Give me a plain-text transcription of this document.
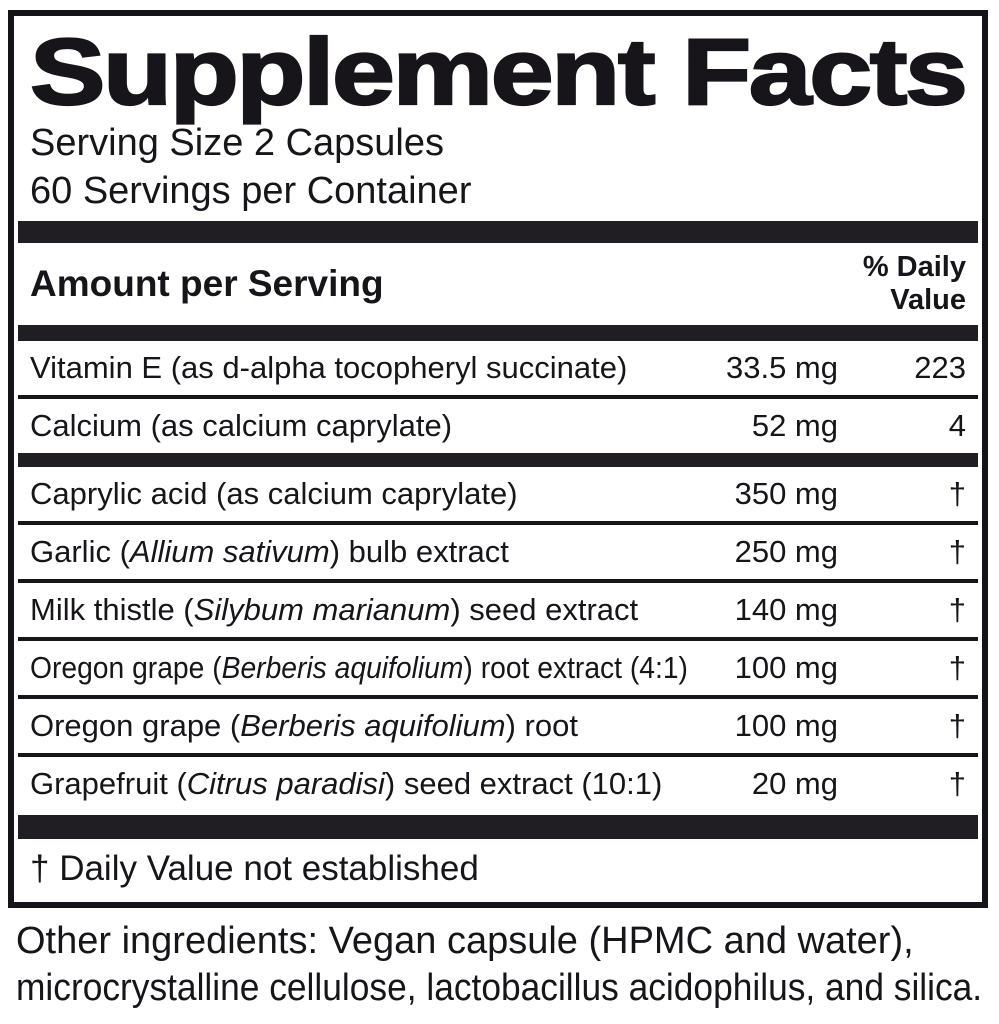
Supplement Facts
Serving Size 2 Capsules
60 Servings per Container
Amount per Serving	% Daily
Value
Vitamin E (as d-alpha tocopheryl succinate)	33.5 mg	223
Calcium (as calcium caprylate)	52 mg	4
Caprylic acid (as calcium caprylate)	350 mg	†
Garlic (Allium sativum) bulb extract	250 mg	†
Milk thistle (Silybum marianum) seed extract	140 mg	†
Oregon grape (Berberis aquifolium) root extract (4:1)	100 mg	†
Oregon grape (Berberis aquifolium) root	100 mg	†
Grapefruit (Citrus paradisi) seed extract (10:1)	20 mg	†
† Daily Value not established
Other ingredients: Vegan capsule (HPMC and water),
microcrystalline cellulose, lactobacillus acidophilus, and silica.
